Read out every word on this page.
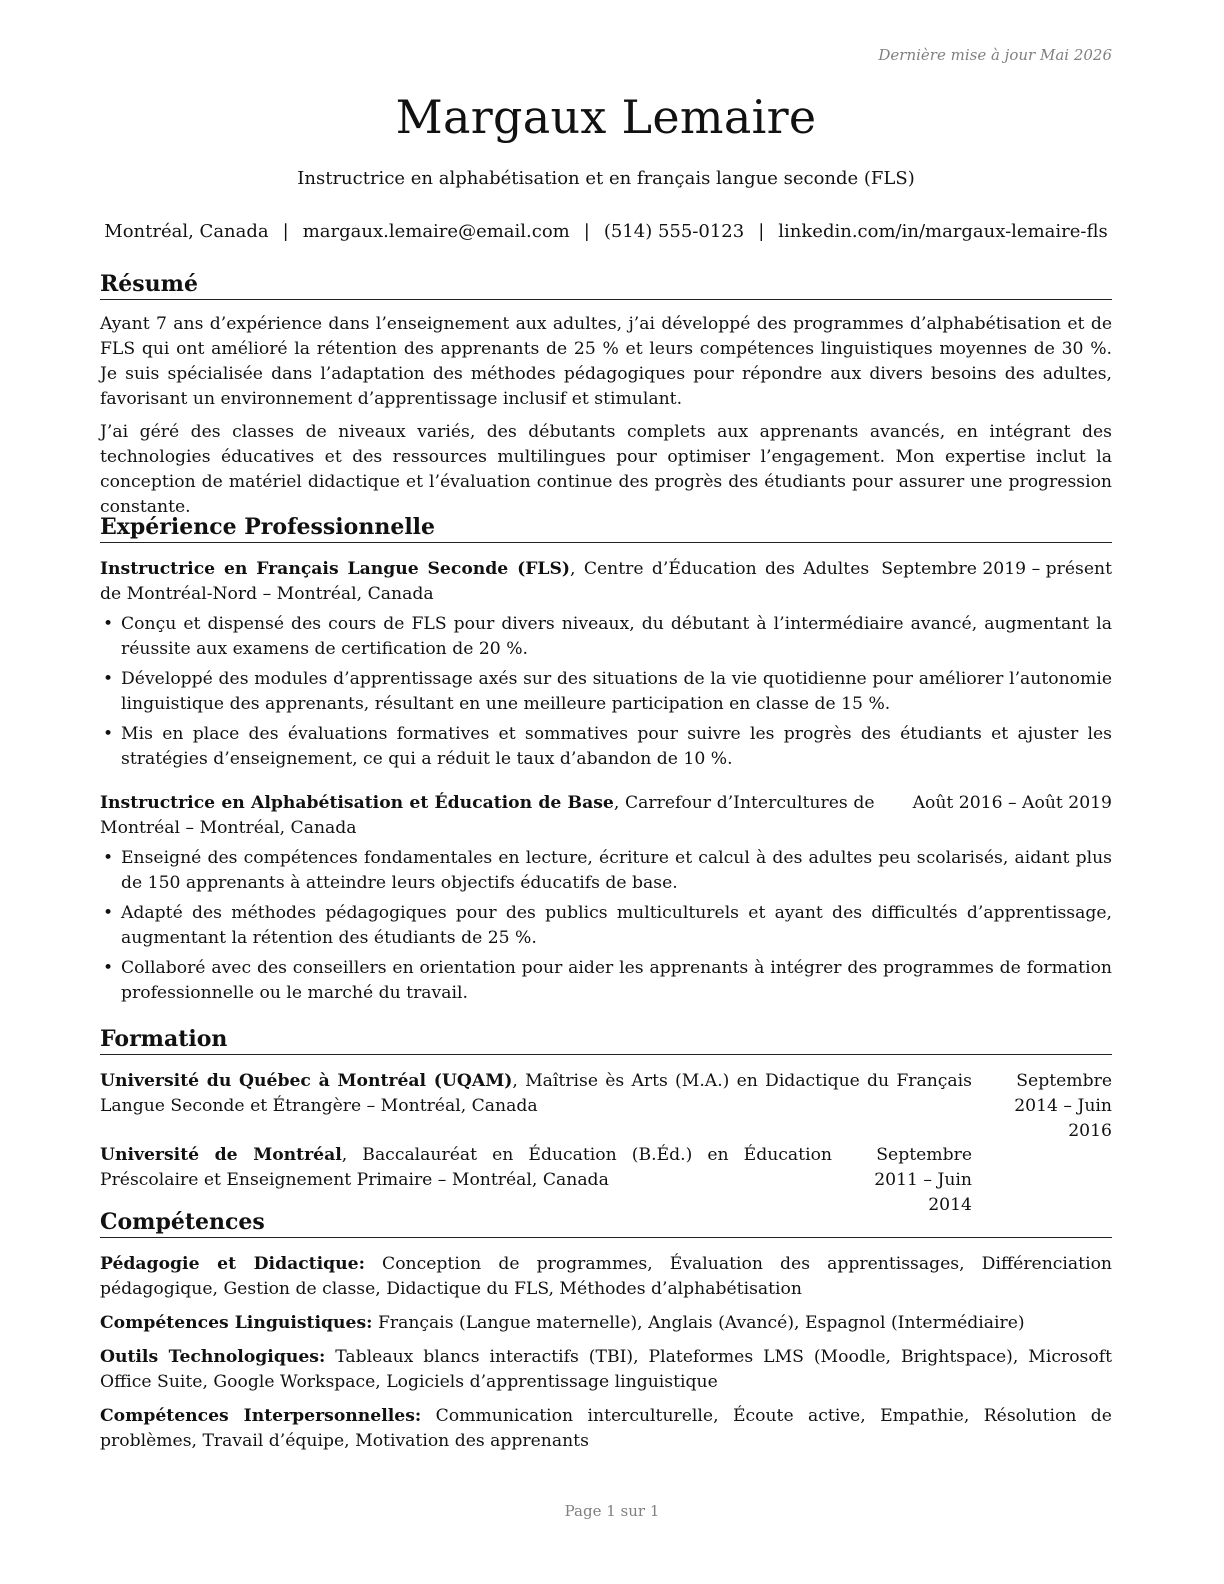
Dernière mise à jour Mai 2026
Margaux Lemaire
Instructrice en alphabétisation et en français langue seconde (FLS)
Montréal, Canada | margaux.lemaire@email.com | (514) 555-0123 | linkedin.com/in/margaux-lemaire-fls
Résumé

Ayant 7 ans d’expérience dans l’enseignement aux adultes, j’ai développé des programmes d’alphabétisation et de FLS qui ont amélioré la rétention des apprenants de 25 % et leurs compétences linguistiques moyennes de 30 %. Je suis spécialisée dans l’adaptation des méthodes pédagogiques pour répondre aux divers besoins des adultes, favorisant un environnement d’apprentissage inclusif et stimulant.

J’ai géré des classes de niveaux variés, des débutants complets aux apprenants avancés, en intégrant des technologies éducatives et des ressources multilingues pour optimiser l’engagement. Mon expertise inclut la conception de matériel didactique et l’évaluation continue des progrès des étudiants pour assurer une progression constante.

Expérience Professionnelle
Septembre 2019 – présent
Instructrice en Français Langue Seconde (FLS), Centre d’Éducation des Adultes de Montréal-Nord – Montréal, Canada
• Conçu et dispensé des cours de FLS pour divers niveaux, du débutant à l’intermédiaire avancé, augmentant la réussite aux examens de certification de 20 %.
• Développé des modules d’apprentissage axés sur des situations de la vie quotidienne pour améliorer l’autonomie linguistique des apprenants, résultant en une meilleure participation en classe de 15 %.
• Mis en place des évaluations formatives et sommatives pour suivre les progrès des étudiants et ajuster les stratégies d’enseignement, ce qui a réduit le taux d’abandon de 10 %.
Août 2016 – Août 2019
Instructrice en Alphabétisation et Éducation de Base, Carrefour d’Intercultures de Montréal – Montréal, Canada
• Enseigné des compétences fondamentales en lecture, écriture et calcul à des adultes peu scolarisés, aidant plus de 150 apprenants à atteindre leurs objectifs éducatifs de base.
• Adapté des méthodes pédagogiques pour des publics multiculturels et ayant des difficultés d’apprentissage, augmentant la rétention des étudiants de 25 %.
• Collaboré avec des conseillers en orientation pour aider les apprenants à intégrer des programmes de formation professionnelle ou le marché du travail.
Formation
Septembre 2014 – Juin 2016
Université du Québec à Montréal (UQAM), Maîtrise ès Arts (M.A.) en Didactique du Français Langue Seconde et Étrangère – Montréal, Canada
Septembre 2011 – Juin 2014
Université de Montréal, Baccalauréat en Éducation (B.Éd.) en Éducation Préscolaire et Enseignement Primaire – Montréal, Canada
Compétences
Pédagogie et Didactique: Conception de programmes, Évaluation des apprentissages, Différenciation pédagogique, Gestion de classe, Didactique du FLS, Méthodes d’alphabétisation
Compétences Linguistiques: Français (Langue maternelle), Anglais (Avancé), Espagnol (Intermédiaire)
Outils Technologiques: Tableaux blancs interactifs (TBI), Plateformes LMS (Moodle, Brightspace), Microsoft Office Suite, Google Workspace, Logiciels d’apprentissage linguistique
Compétences Interpersonnelles: Communication interculturelle, Écoute active, Empathie, Résolution de problèmes, Travail d’équipe, Motivation des apprenants
Page 1 sur 1
